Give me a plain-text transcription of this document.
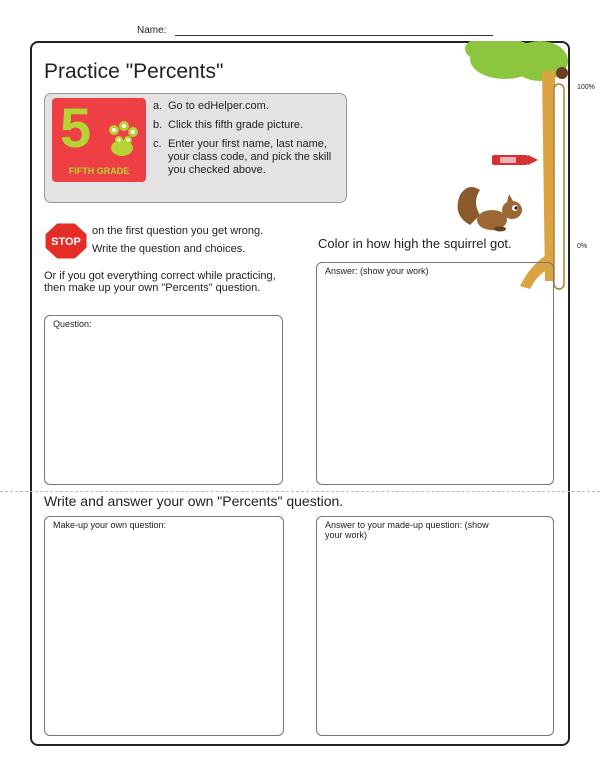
Name:
100%
0%
Practice "Percents"
5
FIFTH GRADE
a. Go to edHelper.com.
b. Click this fifth grade picture.
c. Enter your first name, last name, your class code, and pick the skill you checked above.
STOP
on the first question you get wrong.
Write the question and choices.
Or if you got everything correct while practicing, then make up your own "Percents" question.
Color in how high the squirrel got.
Question:
Answer: (show your work)
Write and answer your own "Percents" question.
Make-up your own question:	Answer to your made-up question: (show your work)
